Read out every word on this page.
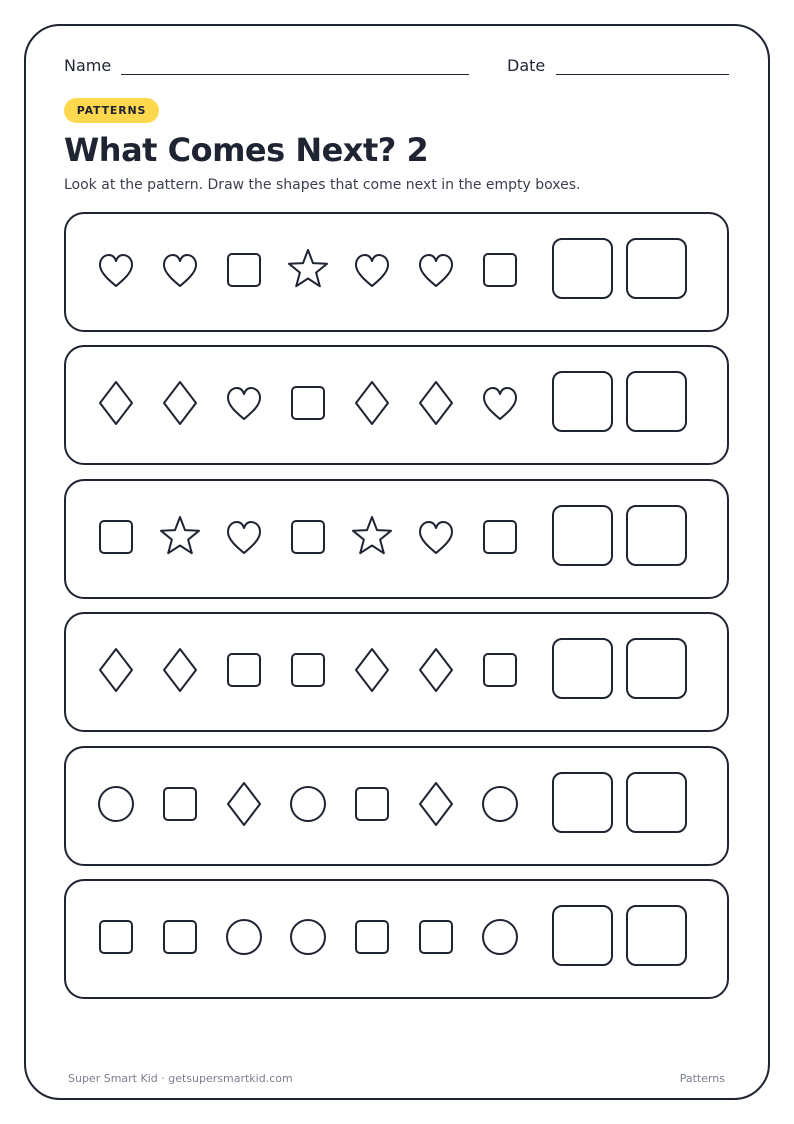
Name	Date
PATTERNS
What Comes Next? 2

Look at the pattern. Draw the shapes that come next in the empty boxes.

Super Smart Kid · getsupersmartkid.com	Patterns
